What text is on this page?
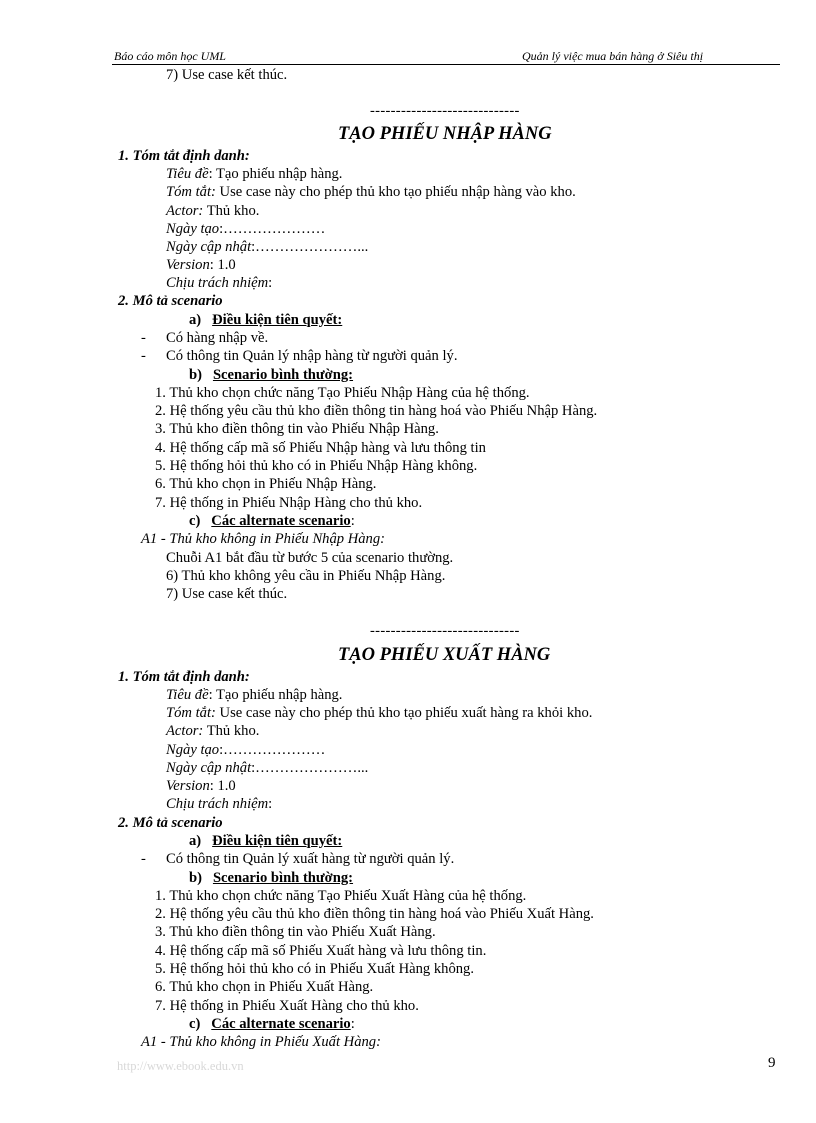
Báo cáo môn học UML	Quản lý việc mua bán hàng ở Siêu thị
7) Use case kết thúc.
-----------------------------
TẠO PHIẾU NHẬP HÀNG
1. Tóm tắt định danh:
Tiêu đề: Tạo phiếu nhập hàng.
Tóm tắt: Use case này cho phép thủ kho tạo phiếu nhập hàng vào kho.
Actor: Thủ kho.
Ngày tạo:…………………
Ngày cập nhật:…………………...
Version: 1.0
Chịu trách nhiệm:
2. Mô tả scenario
a) Điều kiện tiên quyết:
- Có hàng nhập về.
- Có thông tin Quản lý nhập hàng từ người quản lý.
b) Scenario bình thường:
1. Thủ kho chọn chức năng Tạo Phiếu Nhập Hàng của hệ thống.
2. Hệ thống yêu cầu thủ kho điền thông tin hàng hoá vào Phiếu Nhập Hàng.
3. Thủ kho điền thông tin vào Phiếu Nhập Hàng.
4. Hệ thống cấp mã số Phiếu Nhập hàng và lưu thông tin
5. Hệ thống hỏi thủ kho có in Phiếu Nhập Hàng không.
6. Thủ kho chọn in Phiếu Nhập Hàng.
7. Hệ thống in Phiếu Nhập Hàng cho thủ kho.
c) Các alternate scenario:
A1 - Thủ kho không in Phiếu Nhập Hàng:
Chuỗi A1 bắt đầu từ bước 5 của scenario thường.
6) Thủ kho không yêu cầu in Phiếu Nhập Hàng.
7) Use case kết thúc.
-----------------------------
TẠO PHIẾU XUẤT HÀNG
1. Tóm tắt định danh:
Tiêu đề: Tạo phiếu nhập hàng.
Tóm tắt: Use case này cho phép thủ kho tạo phiếu xuất hàng ra khỏi kho.
Actor: Thủ kho.
Ngày tạo:…………………
Ngày cập nhật:…………………...
Version: 1.0
Chịu trách nhiệm:
2. Mô tả scenario
a) Điều kiện tiên quyết:
- Có thông tin Quản lý xuất hàng từ người quản lý.
b) Scenario bình thường:
1. Thủ kho chọn chức năng Tạo Phiếu Xuất Hàng của hệ thống.
2. Hệ thống yêu cầu thủ kho điền thông tin hàng hoá vào Phiếu Xuất Hàng.
3. Thủ kho điền thông tin vào Phiếu Xuất Hàng.
4. Hệ thống cấp mã số Phiếu Xuất hàng và lưu thông tin.
5. Hệ thống hỏi thủ kho có in Phiếu Xuất Hàng không.
6. Thủ kho chọn in Phiếu Xuất Hàng.
7. Hệ thống in Phiếu Xuất Hàng cho thủ kho.
c) Các alternate scenario:
A1 - Thủ kho không in Phiếu Xuất Hàng:
http://www.ebook.edu.vn	9
